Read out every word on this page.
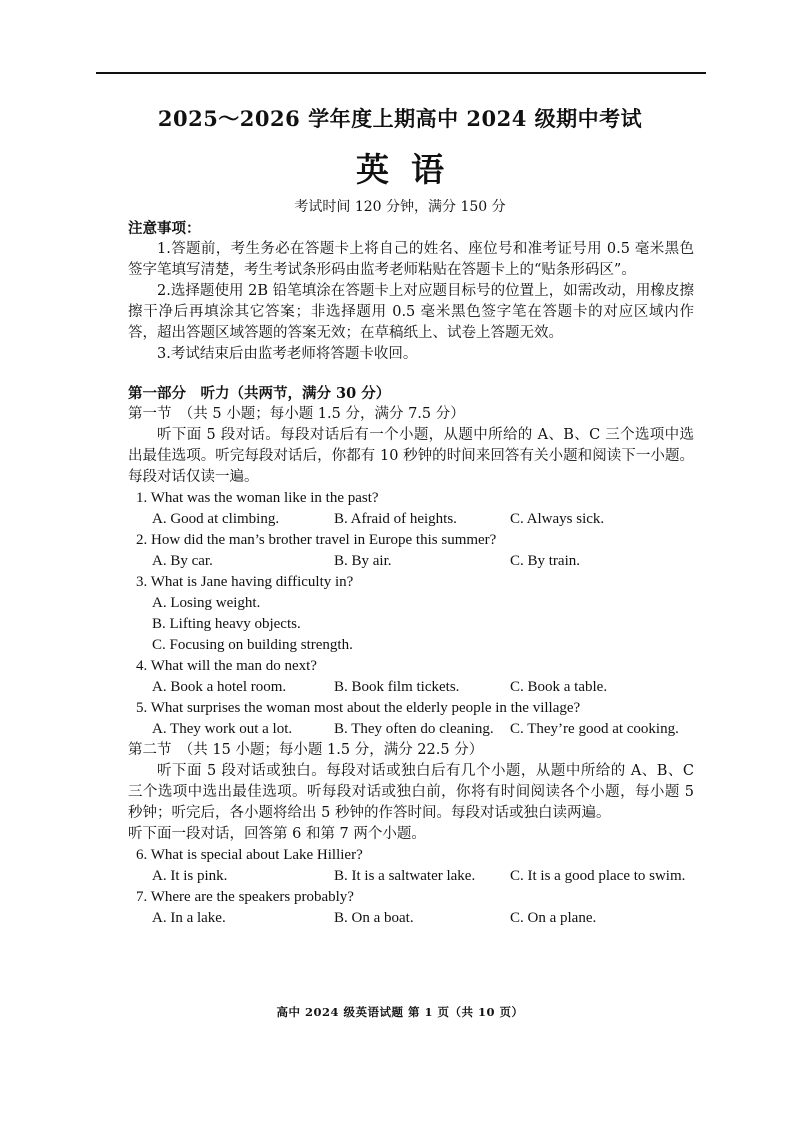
2025～2026 学年度上期高中 2024 级期中考试
英语
考试时间 120 分钟，满分 150 分

注意事项：

1.答题前，考生务必在答题卡上将自己的姓名、座位号和准考证号用 0.5 毫米黑色签字笔填写清楚，考生考试条形码由监考老师粘贴在答题卡上的“贴条形码区”。

2.选择题使用 2B 铅笔填涂在答题卡上对应题目标号的位置上，如需改动，用橡皮擦擦干净后再填涂其它答案；非选择题用 0.5 毫米黑色签字笔在答题卡的对应区域内作答，超出答题区域答题的答案无效；在草稿纸上、试卷上答题无效。

3.考试结束后由监考老师将答题卡收回。

第一部分　听力（共两节，满分 30 分）

第一节　（共 5 小题；每小题 1.5 分，满分 7.5 分）

听下面 5 段对话。每段对话后有一个小题，从题中所给的 A、B、C 三个选项中选出最佳选项。听完每段对话后，你都有 10 秒钟的时间来回答有关小题和阅读下一小题。每段对话仅读一遍。

1. What was the woman like in the past?

A. Good at climbing.	B. Afraid of heights.	C. Always sick.

2. How did the man’s brother travel in Europe this summer?

A. By car.	B. By air.	C. By train.

3. What is Jane having difficulty in?

A. Losing weight.
B. Lifting heavy objects.
C. Focusing on building strength.

4. What will the man do next?

A. Book a hotel room.	B. Book film tickets.	C. Book a table.

5. What surprises the woman most about the elderly people in the village?

A. They work out a lot.	B. They often do cleaning.	C. They’re good at cooking.

第二节　（共 15 小题；每小题 1.5 分，满分 22.5 分）

听下面 5 段对话或独白。每段对话或独白后有几个小题，从题中所给的 A、B、C 三个选项中选出最佳选项。听每段对话或独白前，你将有时间阅读各个小题，每小题 5 秒钟；听完后，各小题将给出 5 秒钟的作答时间。每段对话或独白读两遍。

听下面一段对话，回答第 6 和第 7 两个小题。

6. What is special about Lake Hillier?

A. It is pink.	B. It is a saltwater lake.	C. It is a good place to swim.

7. Where are the speakers probably?

A. In a lake.	B. On a boat.	C. On a plane.
高中 2024 级英语试题 第 1 页（共 10 页）
